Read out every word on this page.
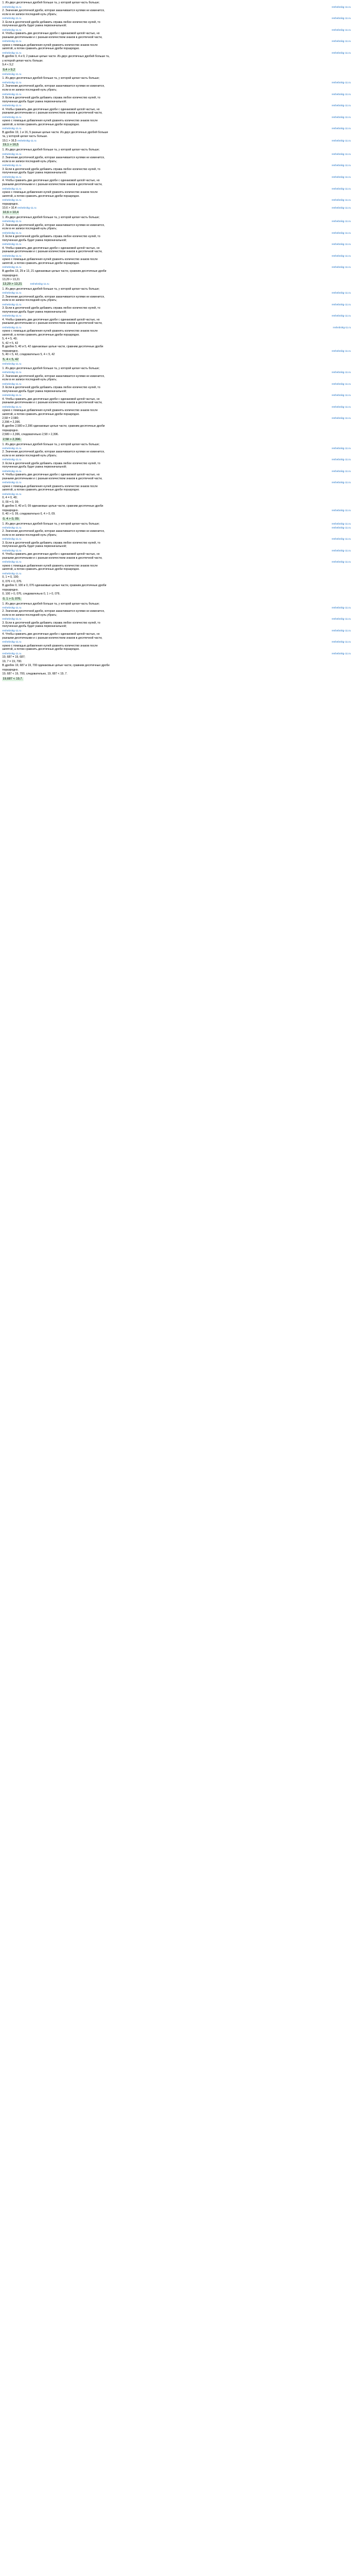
1. Из двух десятичных дробей больше та, у которой целая часть больше;
reshebnikg-11.ru	reshebnikg-11.ru
2. Значение десятичной дроби, которая заканчивается нулями не изменится,
если в ее записи последний нуль убрать;
reshebnikg-11.ru	reshebnikg-11.ru
3. Если в десятичной дроби добавить справа любое количество нулей, то
полученная дробь будет равна первоначальной;
reshebnikg-11.ru	reshebnikg-11.ru
4. Чтобы сравнить две десятичные дроби с одинаковой целой частью, но
разными десятичными и с разным количеством знаков в десятичной части,
reshebnikg-11.ru	reshebnikg-11.ru
нужно с помощью добавления нулей уравнять количество знаков после
запятой, а потом сравнить десятичные дроби поразрядно.
reshebnikg-11.ru	reshebnikg-11.ru
В дробях 9, 4 и 9, 2 равные целые части. Из двух десятичных дробей больше та,
у которой целая часть больше.
9,4 < 9,2
9,4 > 9,2
reshebnikg-11.ru
1. Из двух десятичных дробей больше та, у которой целая часть больше;
reshebnikg-11.ru	reshebnikg-11.ru
2. Значение десятичной дроби, которая заканчивается нулями не изменится,
если в ее записи последний нуль убрать;
reshebnikg-11.ru	reshebnikg-11.ru
3. Если в десятичной дроби добавить справа любое количество нулей, то
полученная дробь будет равна первоначальной;
reshebnikg-11.ru	reshebnikg-11.ru
4. Чтобы сравнить две десятичные дроби с одинаковой целой частью, но
разными десятичными и с разным количеством знаков в десятичной части,
reshebnikg-11.ru	reshebnikg-11.ru
нужно с помощью добавления нулей уравнять количество знаков после
запятой, а потом сравнить десятичные дроби поразрядно.
reshebnikg-11.ru	reshebnikg-11.ru
В дробях 19, 1 и 16, 5 разные целые части. Из двух десятичных дробей больше
та, у которой целая часть больше.
19,1 > 16,5 reshebnikg-11.ru	reshebnikg-11.ru
19,1 > 16,5
1. Из двух десятичных дробей больше та, у которой целая часть больше;
reshebnikg-11.ru	reshebnikg-11.ru
2. Значение десятичной дроби, которая заканчивается нулями не изменится,
если в ее записи последний нуль убрать;
reshebnikg-11.ru	reshebnikg-11.ru
3. Если в десятичной дроби добавить справа любое количество нулей, то
полученная дробь будет равна первоначальной;
reshebnikg-11.ru	reshebnikg-11.ru
4. Чтобы сравнить две десятичные дроби с одинаковой целой частью, но
разными десятичными и с разным количеством знаков в десятичной части,
reshebnikg-11.ru	reshebnikg-11.ru
нужно с помощью добавления нулей уравнять количество знаков после
запятой, а потом сравнить десятичные дроби поразрядно.
reshebnikg-11.ru	reshebnikg-11.ru
поразрядно.
10,6 > 10,4 reshebnikg-11.ru	reshebnikg-11.ru
10,6 > 10,4
1. Из двух десятичных дробей больше та, у которой целая часть больше;
reshebnikg-11.ru	reshebnikg-11.ru
2. Значение десятичной дроби, которая заканчивается нулями не изменится,
если в ее записи последний нуль убрать;
reshebnikg-11.ru	reshebnikg-11.ru
3. Если в десятичной дроби добавить справа любое количество нулей, то
полученная дробь будет равна первоначальной;
reshebnikg-11.ru	reshebnikg-11.ru
4. Чтобы сравнить две десятичные дроби с одинаковой целой частью, но
разными десятичными и с разным количеством знаков в десятичной части,
reshebnikg-11.ru	reshebnikg-11.ru
нужно с помощью добавления нулей уравнять количество знаков после
запятой, а потом сравнить десятичные дроби поразрядно.
reshebnikg-11.ru	reshebnikg-11.ru
В дробях 13, 29 и 13, 21 одинаковые целые части, сравним десятичные дроби
поразрядно.
13,29 > 13,21
13,29 > 13,21	reshebnikg-11.ru
1. Из двух десятичных дробей больше та, у которой целая часть больше;
reshebnikg-11.ru	reshebnikg-11.ru
2. Значение десятичной дроби, которая заканчивается нулями не изменится,
если в ее записи последний нуль убрать;
reshebnikg-11.ru	reshebnikg-11.ru
3. Если в десятичной дроби добавить справа любое количество нулей, то
полученная дробь будет равна первоначальной;
reshebnikg-11.ru	reshebnikg-11.ru
4. Чтобы сравнить две десятичные дроби с одинаковой целой частью, но
разными десятичными и с разным количеством знаков в десятичной части,
reshebnikg-11.ru	reshebnikg-11.ru
нужно с помощью добавления нулей уравнять количество знаков после
запятой, а потом сравнить десятичные дроби поразрядно.
5, 4 = 5, 40;
5, 42 = 5, 42
В дробях 5, 40 и 5, 42 одинаковые целые части, сравним десятичные дроби
поразрядно.	reshebnikg-11.ru
5, 40 < 5, 42, следовательно 5, 4 < 5, 42
5, 4 < 5, 42
reshebnikg-11.ru
1. Из двух десятичных дробей больше та, у которой целая часть больше;
reshebnikg-11.ru	reshebnikg-11.ru
2. Значение десятичной дроби, которая заканчивается нулями не изменится,
если в ее записи последний нуль убрать;
reshebnikg-11.ru	reshebnikg-11.ru
3. Если в десятичной дроби добавить справа любое количество нулей, то
полученная дробь будет равна первоначальной;
reshebnikg-11.ru	reshebnikg-11.ru
4. Чтобы сравнить две десятичные дроби с одинаковой целой частью, но
разными десятичными и с разным количеством знаков в десятичной части,
reshebnikg-11.ru	reshebnikg-11.ru
нужно с помощью добавления нулей уравнять количество знаков после
запятой, а потом сравнить десятичные дроби поразрядно.
2,58 = 2,580;	reshebnikg-11.ru
2,396 = 2,396.
В дробях 2,580 и 2,396 одинаковые целые части, сравним десятичные дроби
поразрядно.
2,580 > 2,396, следовательно 2,58 > 2,396.
2,58 > 2,396.
1. Из двух десятичных дробей больше та, у которой целая часть больше;
reshebnikg-11.ru	reshebnikg-11.ru
2. Значение десятичной дроби, которая заканчивается нулями не изменится,
если в ее записи последний нуль убрать;
reshebnikg-11.ru	reshebnikg-11.ru
3. Если в десятичной дроби добавить справа любое количество нулей, то
полученная дробь будет равна первоначальной;
reshebnikg-11.ru	reshebnikg-11.ru
4. Чтобы сравнить две десятичные дроби с одинаковой целой частью, но
разными десятичными и с разным количеством знаков в десятичной части,
reshebnikg-11.ru	reshebnikg-11.ru
нужно с помощью добавления нулей уравнять количество знаков после
запятой, а потом сравнить десятичные дроби поразрядно.
reshebnikg-11.ru
0, 4 = 0, 40;
0, 09 = 0, 09;
В дробях 0, 40 и 0, 09 одинаковые целые части, сравним десятичные дроби
поразрядно.	reshebnikg-11.ru
0, 40 > 0, 09, следовательно 0, 4 > 0, 09.
0, 4 > 0, 09.
1. Из двух десятичных дробей больше та, у которой целая часть больше;	reshebnikg-11.ru
reshebnikg-11.ru	reshebnikg-11.ru
2. Значение десятичной дроби, которая заканчивается нулями не изменится,
если в ее записи последний нуль убрать;
reshebnikg-11.ru	reshebnikg-11.ru
3. Если в десятичной дроби добавить справа любое количество нулей, то
полученная дробь будет равна первоначальной;
reshebnikg-11.ru	reshebnikg-11.ru
4. Чтобы сравнить две десятичные дроби с одинаковой целой частью, но
разными десятичными и с разным количеством знаков в десятичной части,
reshebnikg-11.ru	reshebnikg-11.ru
нужно с помощью добавления нулей уравнять количество знаков после
запятой, а потом сравнить десятичные дроби поразрядно.
reshebnikg-11.ru
0, 1 = 0, 100;
0, 076 = 0, 076.
В дробях 0, 100 и 0, 076 одинаковые целые части, сравним десятичные дроби
поразрядно.
0, 100 > 0, 076, следовательно 0, 1 > 0, 076.
0, 1 > 0, 076.
1. Из двух десятичных дробей больше та, у которой целая часть больше;
reshebnikg-11.ru	reshebnikg-11.ru
2. Значение десятичной дроби, которая заканчивается нулями не изменится,
если в ее записи последний нуль убрать;
reshebnikg-11.ru	reshebnikg-11.ru
3. Если в десятичной дроби добавить справа любое количество нулей, то
полученная дробь будет равна первоначальной;
reshebnikg-11.ru	reshebnikg-11.ru
4. Чтобы сравнить две десятичные дроби с одинаковой целой частью, но
разными десятичными и с разным количеством знаков в десятичной части,
reshebnikg-11.ru	reshebnikg-11.ru
нужно с помощью добавления нулей уравнять количество знаков после
запятой, а потом сравнить десятичные дроби поразрядно.
reshebnikg-11.ru	reshebnikg-11.ru
19, 687 = 19, 687;
19, 7 = 19, 700.
В дробях 19, 687 и 19, 700 одинаковые целые части, сравним десятичные дроби
поразрядно.
19, 687 < 19, 700, следовательно, 19, 687 < 19, 7.
19,687 < 19,7.
